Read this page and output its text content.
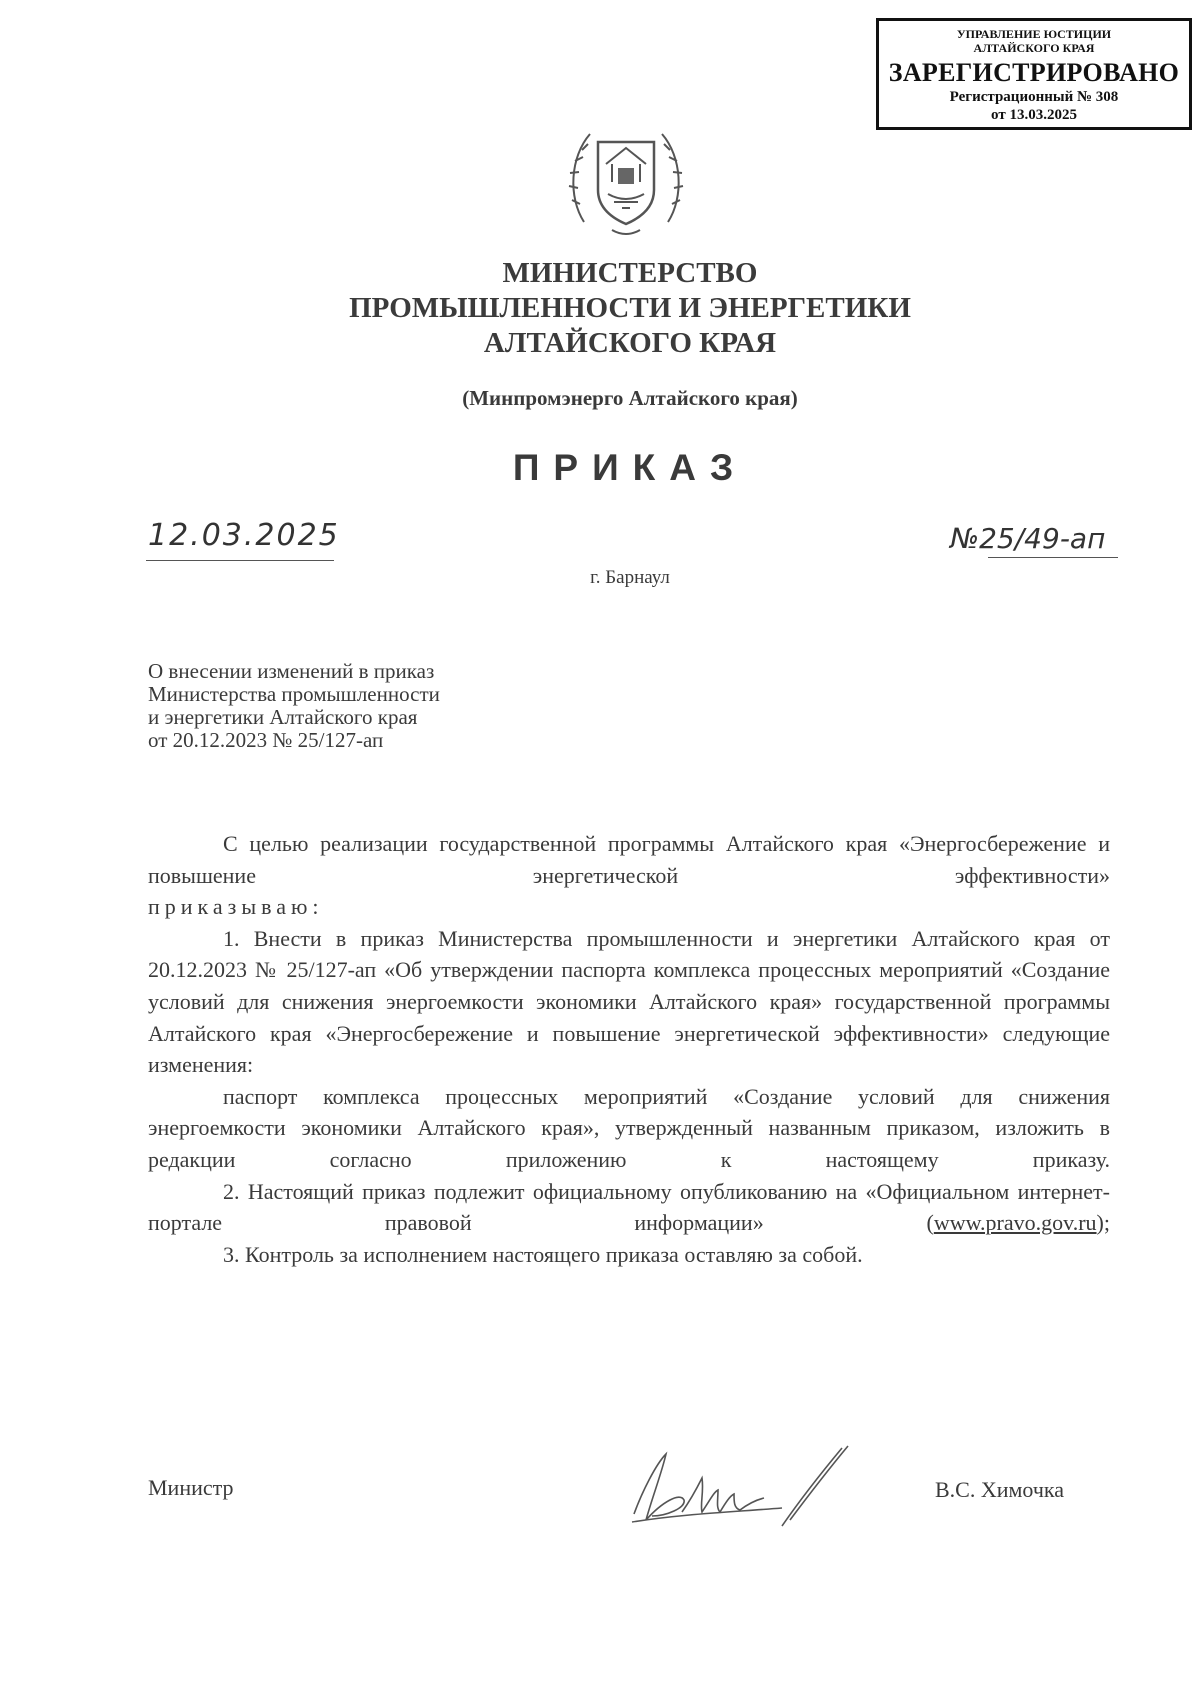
УПРАВЛЕНИЕ ЮСТИЦИИ
АЛТАЙСКОГО КРАЯ
ЗАРЕГИСТРИРОВАНО
Регистрационный № 308
от 13.03.2025
МИНИСТЕРСТВО
ПРОМЫШЛЕННОСТИ И ЭНЕРГЕТИКИ
АЛТАЙСКОГО КРАЯ
(Минпромэнерго Алтайского края)
ПРИКАЗ
12.03.2025	№25/49-ап
г. Барнаул
О внесении изменений в приказ
Министерства промышленности
и энергетики Алтайского края
от 20.12.2023 № 25/127-ап

С целью реализации государственной программы Алтайского края «Энергосбережение и повышение энергетической эффективности»

приказываю:

1. Внести в приказ Министерства промышленности и энергетики Алтайского края от 20.12.2023 № 25/127-ап «Об утверждении паспорта комплекса процессных мероприятий «Создание условий для снижения энергоемкости экономики Алтайского края» государственной программы Алтайского края «Энергосбережение и повышение энергетической эффективности» следующие изменения:

паспорт комплекса процессных мероприятий «Создание условий для снижения энергоемкости экономики Алтайского края», утвержденный названным приказом, изложить в редакции согласно приложению к настоящему приказу.

2. Настоящий приказ подлежит официальному опубликованию на «Официальном интернет-портале правовой информации» (www.pravo.gov.ru);

3. Контроль за исполнением настоящего приказа оставляю за собой.

Министр	В.С. Химочка
